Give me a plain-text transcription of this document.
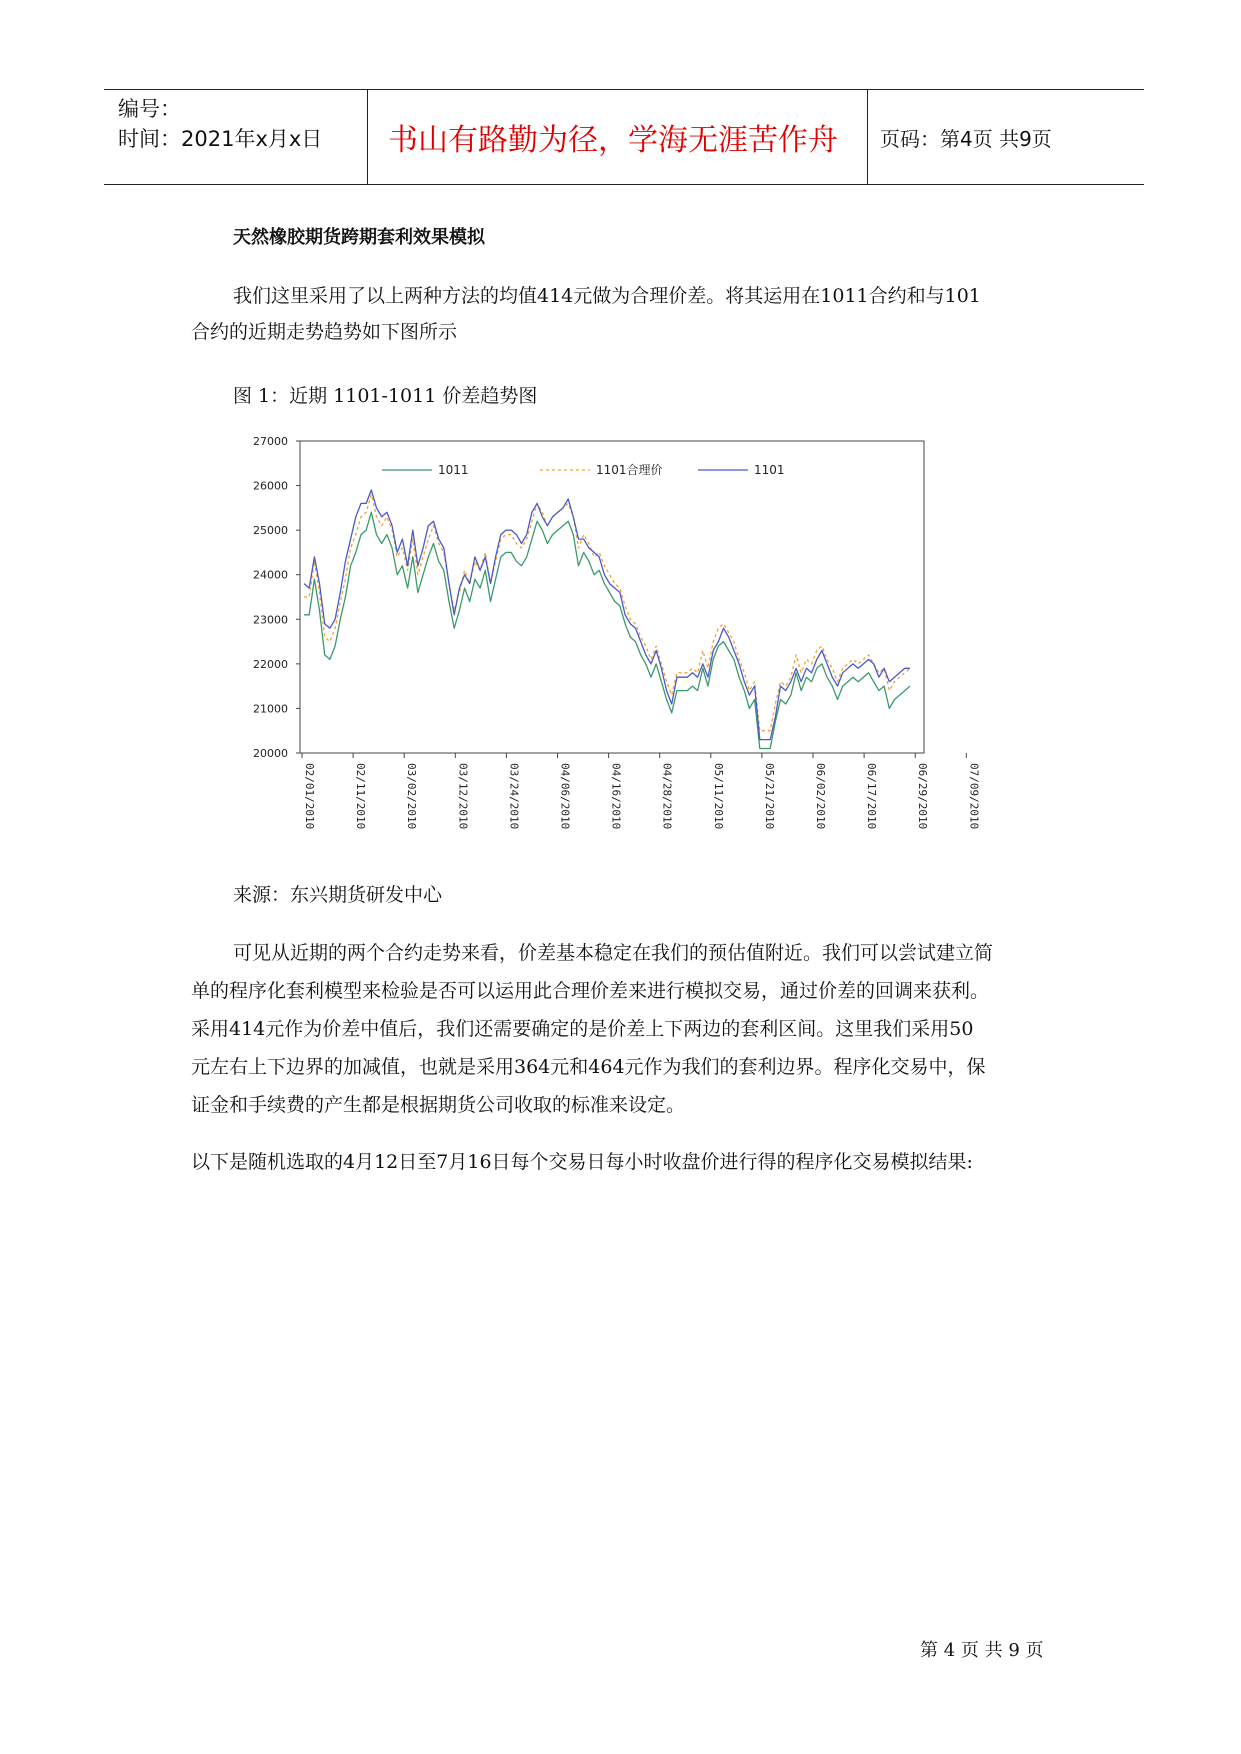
编号：
时间：2021年x月x日	书山有路勤为径，学海无涯苦作舟	页码：第4页 共9页
天然橡胶期货跨期套利效果模拟
我们这里采用了以上两种方法的均值414元做为合理价差。将其运用在1011合约和与101
合约的近期走势趋势如下图所示
图 1：近期 1101-1011 价差趋势图
27000
26000
25000
24000
23000
22000
21000
20000
02/01/2010	02/11/2010	03/02/2010	03/12/2010	03/24/2010	04/06/2010	04/16/2010	04/28/2010	05/11/2010	05/21/2010	06/02/2010	06/17/2010	06/29/2010	07/09/2010
1011	1101合理价	1101
来源：东兴期货研发中心
可见从近期的两个合约走势来看，价差基本稳定在我们的预估值附近。我们可以尝试建立简
单的程序化套利模型来检验是否可以运用此合理价差来进行模拟交易，通过价差的回调来获利。
采用414元作为价差中值后，我们还需要确定的是价差上下两边的套利区间。这里我们采用50
元左右上下边界的加减值，也就是采用364元和464元作为我们的套利边界。程序化交易中，保
证金和手续费的产生都是根据期货公司收取的标准来设定。
以下是随机选取的4月12日至7月16日每个交易日每小时收盘价进行得的程序化交易模拟结果:
第 4 页 共 9 页
